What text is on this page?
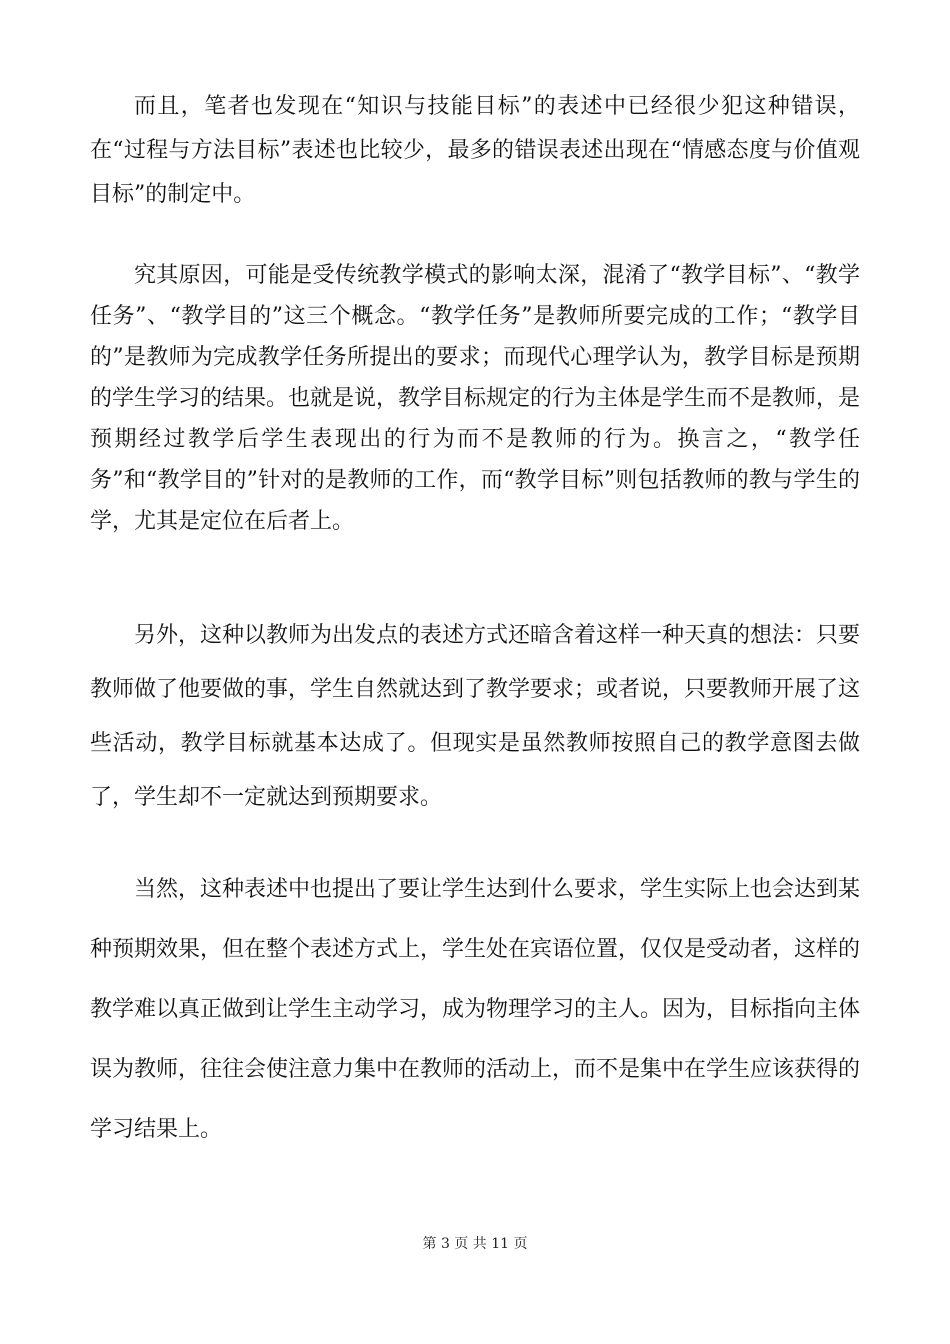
而且，笔者也发现在“知识与技能目标”的表述中已经很少犯这种错误，在“过程与方法目标”表述也比较少，最多的错误表述出现在“情感态度与价值观目标”的制定中。

究其原因，可能是受传统教学模式的影响太深，混淆了“教学目标”、“教学任务”、“教学目的”这三个概念。“教学任务”是教师所要完成的工作；“教学目的”是教师为完成教学任务所提出的要求；而现代心理学认为，教学目标是预期的学生学习的结果。也就是说，教学目标规定的行为主体是学生而不是教师，是预期经过教学后学生表现出的行为而不是教师的行为。换言之，“教学任务”和“教学目的”针对的是教师的工作，而“教学目标”则包括教师的教与学生的学，尤其是定位在后者上。

另外，这种以教师为出发点的表述方式还暗含着这样一种天真的想法：只要教师做了他要做的事，学生自然就达到了教学要求；或者说，只要教师开展了这些活动，教学目标就基本达成了。但现实是虽然教师按照自己的教学意图去做了，学生却不一定就达到预期要求。

当然，这种表述中也提出了要让学生达到什么要求，学生实际上也会达到某种预期效果，但在整个表述方式上，学生处在宾语位置，仅仅是受动者，这样的教学难以真正做到让学生主动学习，成为物理学习的主人。因为，目标指向主体误为教师，往往会使注意力集中在教师的活动上，而不是集中在学生应该获得的学习结果上。

第 3 页 共 11 页
